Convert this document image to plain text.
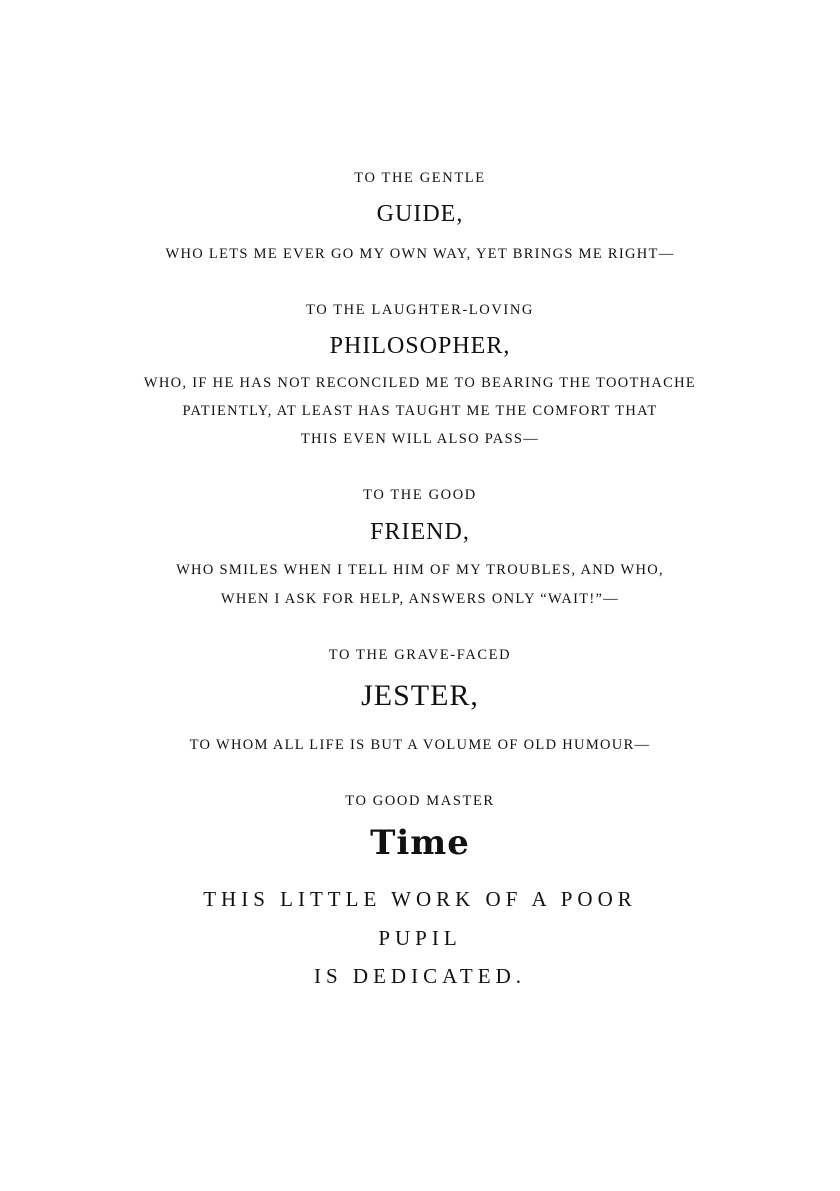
TO THE GENTLE

GUIDE,

WHO LETS ME EVER GO MY OWN WAY, YET BRINGS ME RIGHT—

TO THE LAUGHTER-LOVING

PHILOSOPHER,

WHO, IF HE HAS NOT RECONCILED ME TO BEARING THE TOOTHACHE

PATIENTLY, AT LEAST HAS TAUGHT ME THE COMFORT THAT

THIS EVEN WILL ALSO PASS—

TO THE GOOD

FRIEND,

WHO SMILES WHEN I TELL HIM OF MY TROUBLES, AND WHO,

WHEN I ASK FOR HELP, ANSWERS ONLY “WAIT!”—

TO THE GRAVE-FACED

JESTER,

TO WHOM ALL LIFE IS BUT A VOLUME OF OLD HUMOUR—

TO GOOD MASTER

Time

THIS LITTLE WORK OF A POOR

PUPIL

IS DEDICATED.
